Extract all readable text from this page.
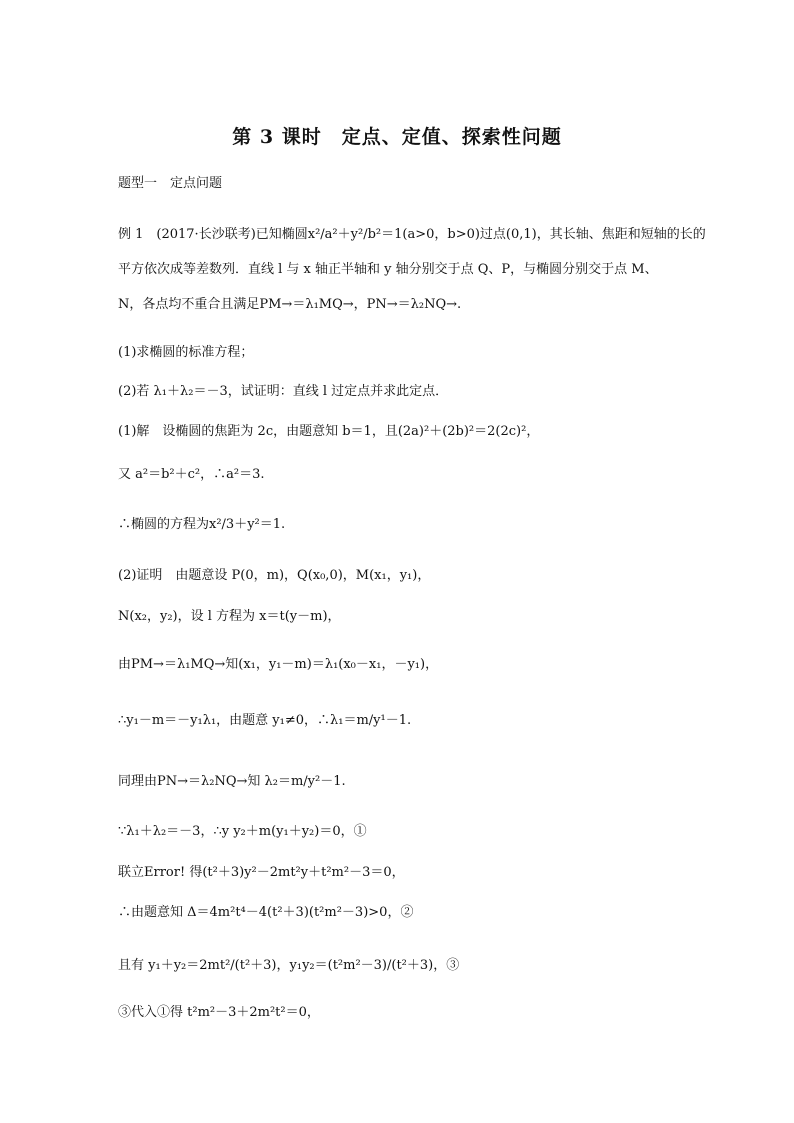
第 3 课时　定点、定值、探索性问题
题型一　定点问题
例 1　(2017·长沙联考)已知椭圆x²/a²＋y²/b²＝1(a>0，b>0)过点(0,1)，其长轴、焦距和短轴的长的
平方依次成等差数列．直线 l 与 x 轴正半轴和 y 轴分别交于点 Q、P，与椭圆分别交于点 M、
N，各点均不重合且满足PM→＝λ₁MQ→，PN→＝λ₂NQ→.
(1)求椭圆的标准方程；
(2)若 λ₁＋λ₂＝－3，试证明：直线 l 过定点并求此定点．
(1)解　设椭圆的焦距为 2c，由题意知 b＝1，且(2a)²＋(2b)²＝2(2c)²，
又 a²＝b²＋c²，∴a²＝3.
∴椭圆的方程为x²/3＋y²＝1.
(2)证明　由题意设 P(0，m)，Q(x₀,0)，M(x₁，y₁)，
N(x₂，y₂)，设 l 方程为 x＝t(y－m)，
由PM→＝λ₁MQ→知(x₁，y₁－m)＝λ₁(x₀－x₁，－y₁)，
∴y₁－m＝－y₁λ₁，由题意 y₁≠0，∴λ₁＝m/y¹－1.
同理由PN→＝λ₂NQ→知 λ₂＝m/y²－1.
∵λ₁＋λ₂＝－3，∴y y₂＋m(y₁＋y₂)＝0，①
联立Error! 得(t²＋3)y²－2mt²y＋t²m²－3＝0，
∴由题意知 Δ＝4m²t⁴－4(t²＋3)(t²m²－3)>0，②
且有 y₁＋y₂＝2mt²/(t²＋3)，y₁y₂＝(t²m²－3)/(t²＋3)，③
③代入①得 t²m²－3＋2m²t²＝0，
